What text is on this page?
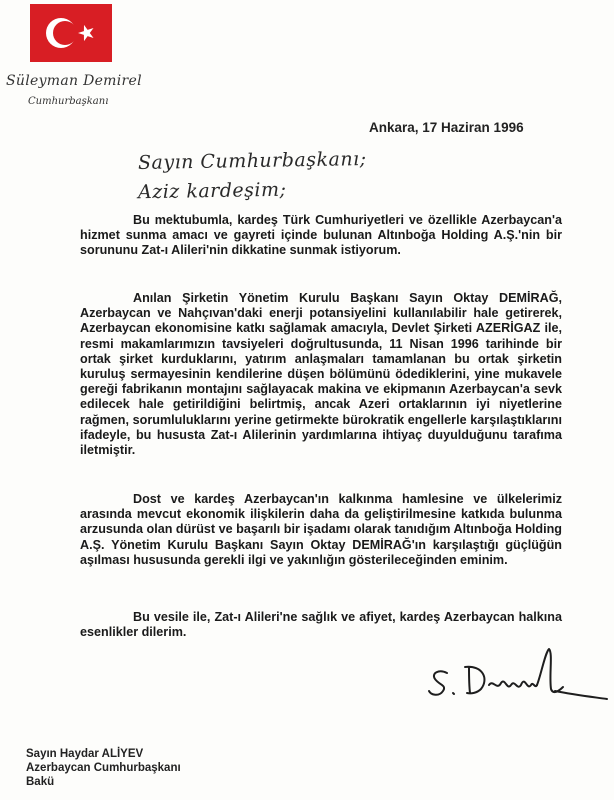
Süleyman Demirel
Cumhurbaşkanı
Ankara, 17 Haziran 1996
Sayın Cumhurbaşkanı;
Aziz kardeşim;

Bu mektubumla, kardeş Türk Cumhuriyetleri ve özellikle Azerbaycan'a hizmet sunma amacı ve gayreti içinde bulunan Altınboğa Holding A.Ş.'nin bir sorununu Zat-ı Alileri'nin dikkatine sunmak istiyorum.

Anılan Şirketin Yönetim Kurulu Başkanı Sayın Oktay DEMİRAĞ, Azerbaycan ve Nahçıvan'daki enerji potansiyelini kullanılabilir hale getirerek, Azerbaycan ekonomisine katkı sağlamak amacıyla, Devlet Şirketi AZERİGAZ ile, resmi makamlarımızın tavsiyeleri doğrultusunda, 11 Nisan 1996 tarihinde bir ortak şirket kurduklarını, yatırım anlaşmaları tamamlanan bu ortak şirketin kuruluş sermayesinin kendilerine düşen bölümünü ödediklerini, yine mukavele gereği fabrikanın montajını sağlayacak makina ve ekipmanın Azerbaycan'a sevk edilecek hale getirildiğini belirtmiş, ancak Azeri ortaklarının iyi niyetlerine rağmen, sorumluluklarını yerine getirmekte bürokratik engellerle karşılaştıklarını ifadeyle, bu hususta Zat-ı Alilerinin yardımlarına ihtiyaç duyulduğunu tarafıma iletmiştir.

Dost ve kardeş Azerbaycan'ın kalkınma hamlesine ve ülkelerimiz arasında mevcut ekonomik ilişkilerin daha da geliştirilmesine katkıda bulunma arzusunda olan dürüst ve başarılı bir işadamı olarak tanıdığım Altınboğa Holding A.Ş. Yönetim Kurulu Başkanı Sayın Oktay DEMİRAĞ'ın karşılaştığı güçlüğün aşılması hususunda gerekli ilgi ve yakınlığın gösterileceğinden eminim.

Bu vesile ile, Zat-ı Alileri'ne sağlık ve afiyet, kardeş Azerbaycan halkına esenlikler dilerim.

Sayın Haydar ALİYEV
Azerbaycan Cumhurbaşkanı
Bakü
